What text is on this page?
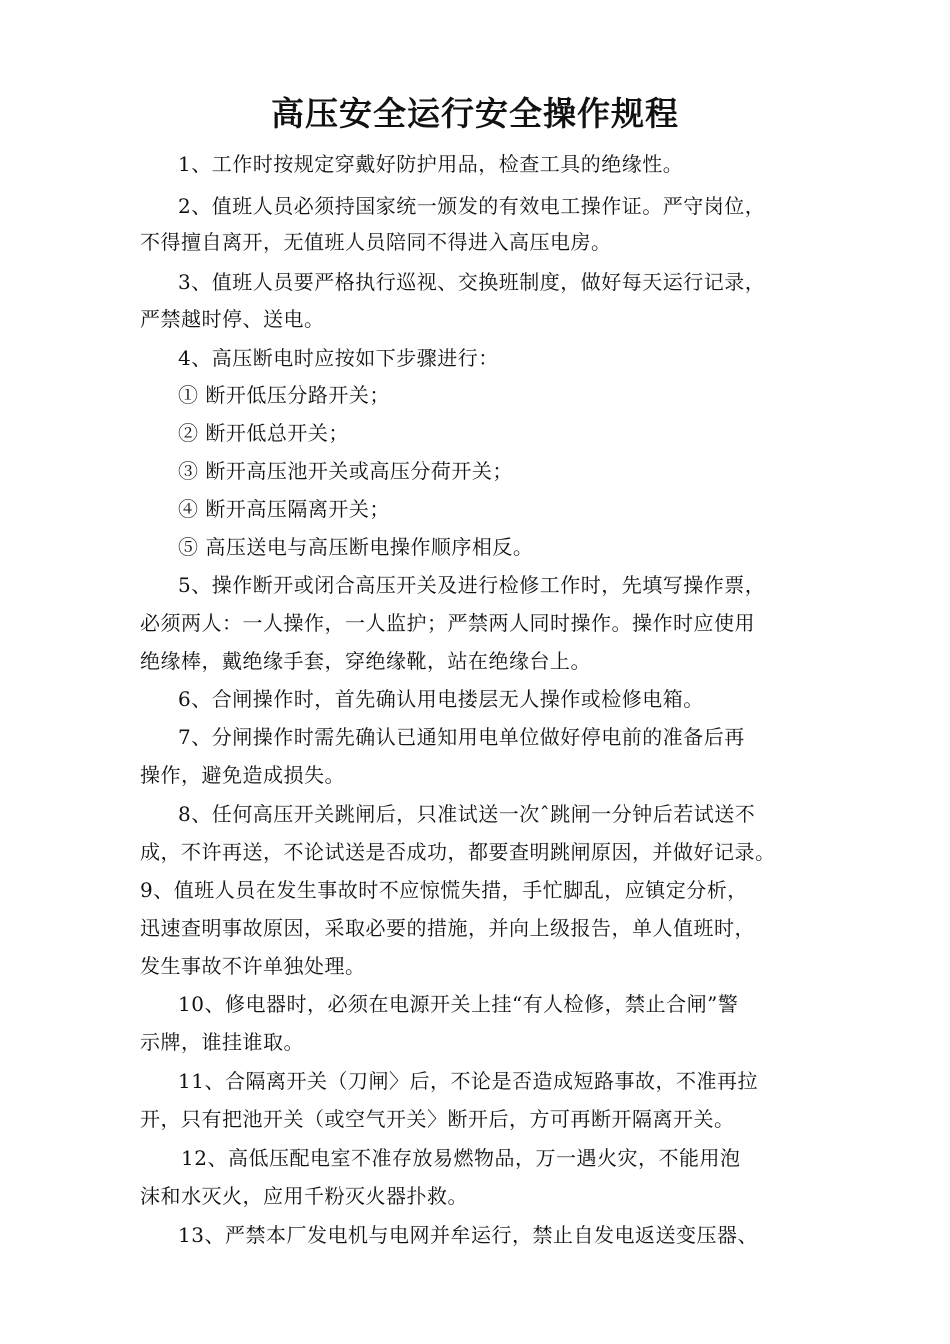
高压安全运行安全操作规程
1、工作时按规定穿戴好防护用品，检查工具的绝缘性。
2、值班人员必须持国家统一颁发的有效电工操作证。严守岗位，
不得擅自离开，无值班人员陪同不得进入高压电房。
3、值班人员要严格执行巡视、交换班制度，做好每天运行记录，
严禁越时停、送电。
4、高压断电时应按如下步骤进行：
① 断开低压分路开关；
② 断开低总开关；
③ 断开高压池开关或高压分荷开关；
④ 断开高压隔离开关；
⑤ 高压送电与高压断电操作顺序相反。
5、操作断开或闭合高压开关及进行检修工作时，先填写操作票，
必须两人：一人操作，一人监护；严禁两人同时操作。操作时应使用
绝缘棒，戴绝缘手套，穿绝缘靴，站在绝缘台上。
6、合闸操作时，首先确认用电搂层无人操作或检修电箱。
7、分闸操作时需先确认已通知用电单位做好停电前的准备后再
操作，避免造成损失。
8、任何高压开关跳闸后，只准试送一次ˆ跳闸一分钟后若试送不
成，不许再送，不论试送是否成功，都要查明跳闸原因，并做好记录。
9、值班人员在发生事故时不应惊慌失措，手忙脚乱，应镇定分析，
迅速查明事故原因，采取必要的措施，并向上级报告，单人值班时，
发生事故不许单独处理。
10、修电器时，必须在电源开关上挂“有人检修，禁止合闸”警
示牌，谁挂谁取。
11、合隔离开关（刀闸〉后，不论是否造成短路事故，不准再拉
开，只有把池开关（或空气开关〉断开后，方可再断开隔离开关。
12、高低压配电室不准存放易燃物品，万一遇火灾，不能用泡
沫和水灭火，应用千粉灭火器扑救。
13、严禁本厂发电机与电网并牟运行，禁止自发电返送变压器、
